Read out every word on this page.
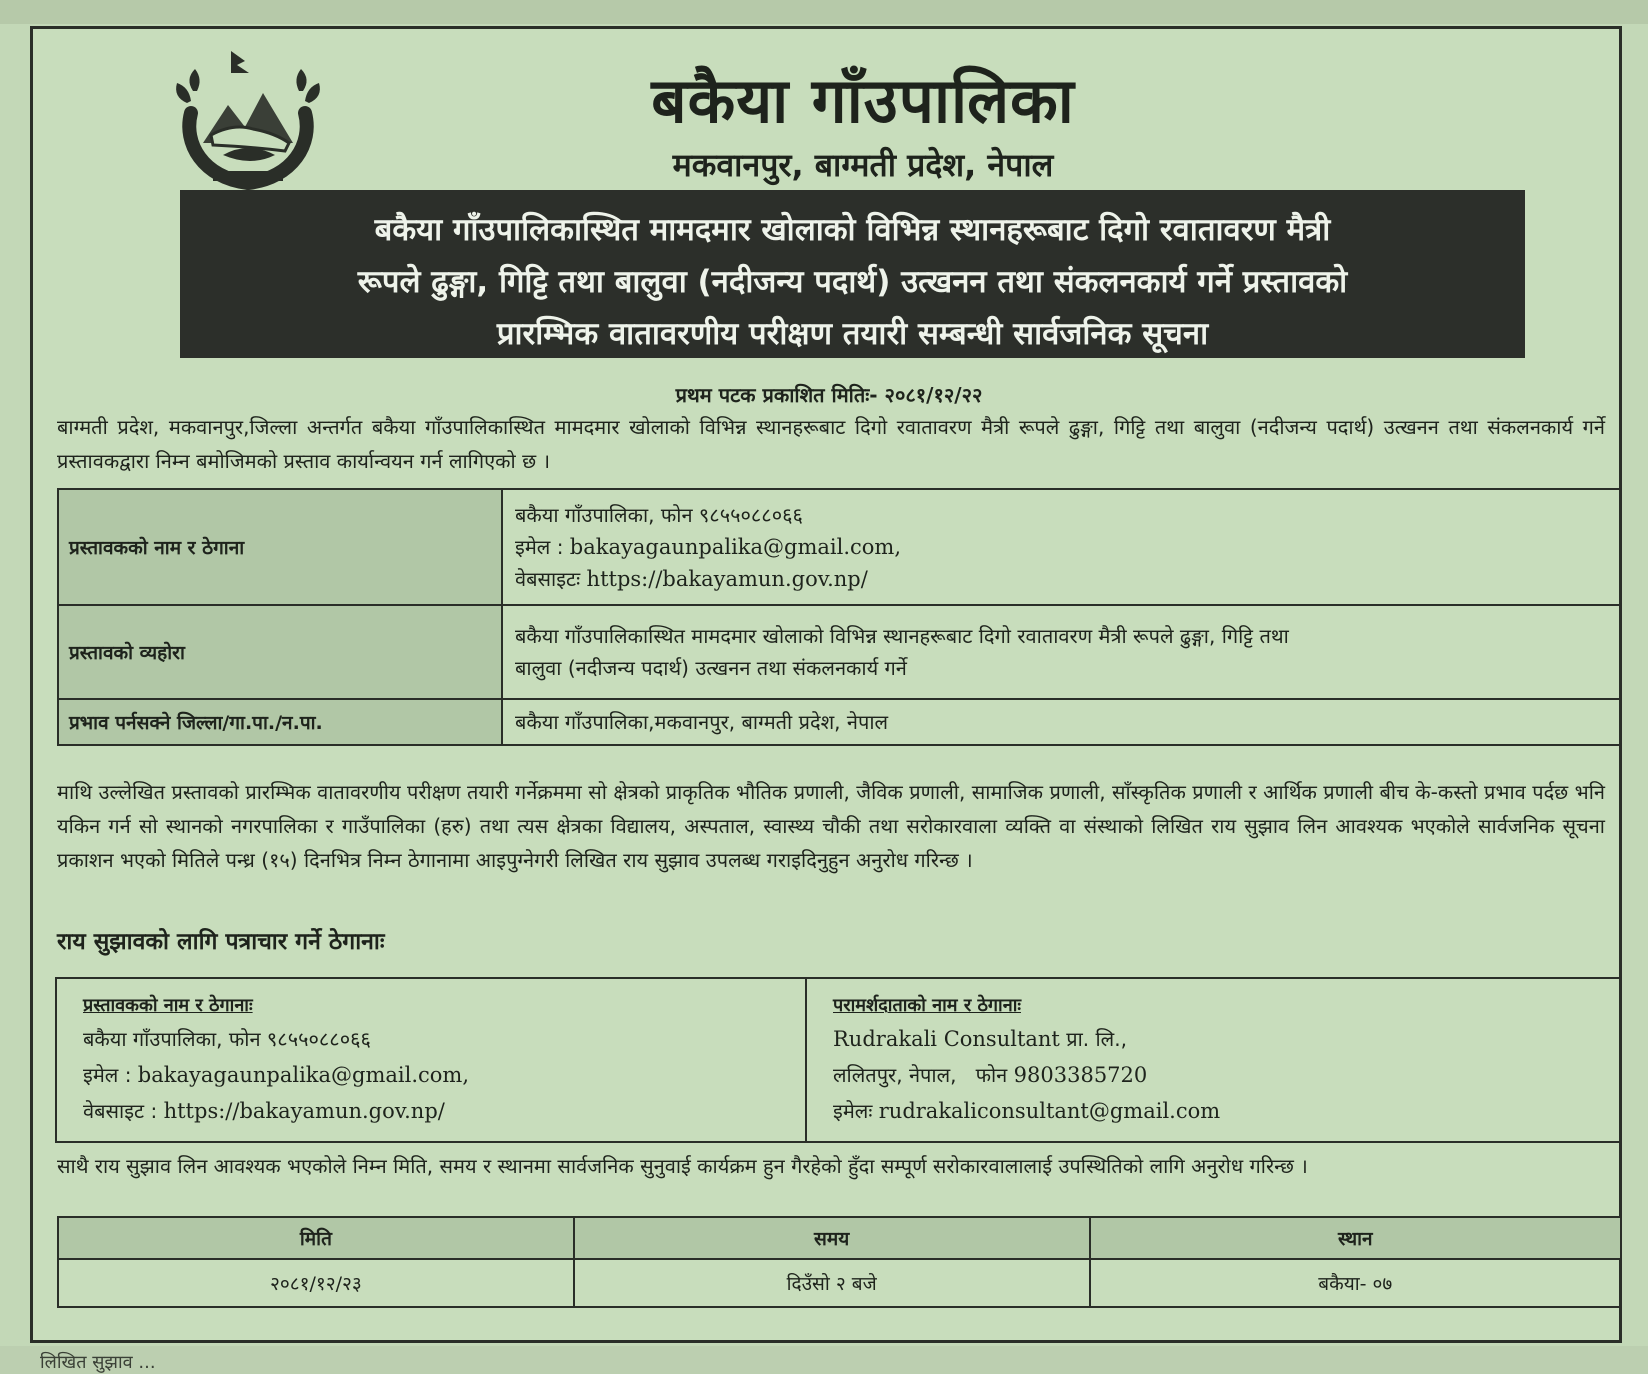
बकैया गाँउपालिका
मकवानपुर, बाग्मती प्रदेश, नेपाल
बकैया गाँउपालिकास्थित मामदमार खोलाको विभिन्न स्थानहरूबाट दिगो रवातावरण मैत्री
रूपले ढुङ्गा, गिट्टि तथा बालुवा (नदीजन्य पदार्थ) उत्खनन तथा संकलनकार्य गर्ने प्रस्तावको
प्रारम्भिक वातावरणीय परीक्षण तयारी सम्बन्धी सार्वजनिक सूचना
प्रथम पटक प्रकाशित मितिः- २०८१/१२/२२
बाग्मती प्रदेश, मकवानपुर,जिल्ला अन्तर्गत बकैया गाँउपालिकास्थित मामदमार खोलाको विभिन्न स्थानहरूबाट दिगो रवातावरण मैत्री रूपले ढुङ्गा, गिट्टि तथा बालुवा (नदीजन्य पदार्थ) उत्खनन तथा संकलनकार्य गर्ने प्रस्तावकद्वारा निम्न बमोजिमको प्रस्ताव कार्यान्वयन गर्न लागिएको छ ।
प्रस्तावकको नाम र ठेगाना	बकैया गाँउपालिका, फोन ९८५५०८८०६६
इमेल : bakayagaunpalika@gmail.com,
वेबसाइटः https://bakayamun.gov.np/

प्रस्तावको व्यहोरा	बकैया गाँउपालिकास्थित मामदमार खोलाको विभिन्न स्थानहरूबाट दिगो रवातावरण मैत्री रूपले ढुङ्गा, गिट्टि तथा
बालुवा (नदीजन्य पदार्थ) उत्खनन तथा संकलनकार्य गर्ने

प्रभाव पर्नसक्ने जिल्ला/गा.पा./न.पा.	बकैया गाँउपालिका,मकवानपुर, बाग्मती प्रदेश, नेपाल
माथि उल्लेखित प्रस्तावको प्रारम्भिक वातावरणीय परीक्षण तयारी गर्नेक्रममा सो क्षेत्रको प्राकृतिक भौतिक प्रणाली, जैविक प्रणाली, सामाजिक प्रणाली, साँस्कृतिक प्रणाली र आर्थिक प्रणाली बीच के-कस्तो प्रभाव पर्दछ भनि यकिन गर्न सो स्थानको नगरपालिका र गाउँपालिका (हरु) तथा त्यस क्षेत्रका विद्यालय, अस्पताल, स्वास्थ्य चौकी तथा सरोकारवाला व्यक्ति वा संस्थाको लिखित राय सुझाव लिन आवश्यक भएकोले सार्वजनिक सूचना प्रकाशन भएको मितिले पन्ध्र (१५) दिनभित्र निम्न ठेगानामा आइपुग्नेगरी लिखित राय सुझाव उपलब्ध गराइदिनुहुन अनुरोध गरिन्छ ।
राय सुझावको लागि पत्राचार गर्ने ठेगानाः
प्रस्तावकको नाम र ठेगानाः
बकैया गाँउपालिका, फोन ९८५५०८८०६६
इमेल : bakayagaunpalika@gmail.com,
वेबसाइट : https://bakayamun.gov.np/
परामर्शदाताको नाम र ठेगानाः
Rudrakali Consultant प्रा. लि.,
ललितपुर, नेपाल,   फोन 9803385720
इमेलः rudrakaliconsultant@gmail.com
साथै राय सुझाव लिन आवश्यक भएकोले निम्न मिति, समय र स्थानमा सार्वजनिक सुनुवाई कार्यक्रम हुन गैरहेको हुँदा सम्पूर्ण सरोकारवालालाई उपस्थितिको लागि अनुरोध गरिन्छ ।
मिति	समय	स्थान
२०८१/१२/२३	दिउँसो २ बजे	बकैया- ०७
लिखित सुझाव ...
